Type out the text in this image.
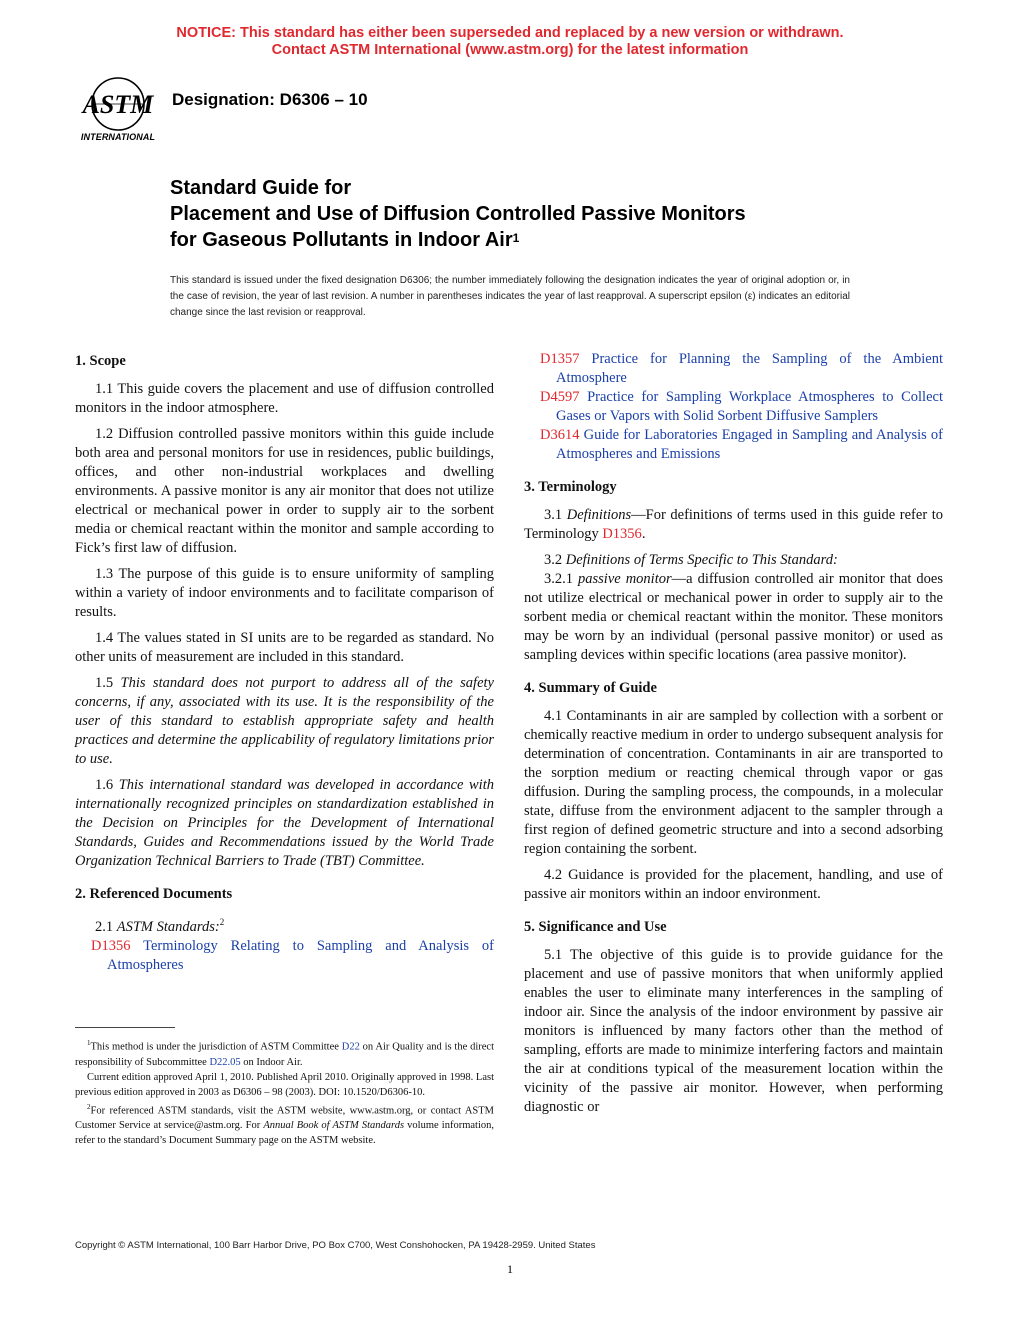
NOTICE: This standard has either been superseded and replaced by a new version or withdrawn.
Contact ASTM International (www.astm.org) for the latest information
ASTM
INTERNATIONAL
Designation: D6306 – 10
Standard Guide for
Placement and Use of Diffusion Controlled Passive Monitors
for Gaseous Pollutants in Indoor Air$^1$
This standard is issued under the fixed designation D6306; the number immediately following the designation indicates the year of original adoption or, in the case of revision, the year of last revision. A number in parentheses indicates the year of last reapproval. A superscript epsilon (ε) indicates an editorial change since the last revision or reapproval.
1. Scope

1.1 This guide covers the placement and use of diffusion controlled monitors in the indoor atmosphere.

1.2 Diffusion controlled passive monitors within this guide include both area and personal monitors for use in residences, public buildings, offices, and other non-industrial workplaces and dwelling environments. A passive monitor is any air monitor that does not utilize electrical or mechanical power in order to supply air to the sorbent media or chemical reactant within the monitor and sample according to Fick’s first law of diffusion.

1.3 The purpose of this guide is to ensure uniformity of sampling within a variety of indoor environments and to facilitate comparison of results.

1.4 The values stated in SI units are to be regarded as standard. No other units of measurement are included in this standard.

1.5 This standard does not purport to address all of the safety concerns, if any, associated with its use. It is the responsibility of the user of this standard to establish appropriate safety and health practices and determine the applicability of regulatory limitations prior to use.

1.6 This international standard was developed in accordance with internationally recognized principles on standardization established in the Decision on Principles for the Development of International Standards, Guides and Recommendations issued by the World Trade Organization Technical Barriers to Trade (TBT) Committee.

2. Referenced Documents

2.1 ASTM Standards:$^2$

D1356 Terminology Relating to Sampling and Analysis of Atmospheres
D1357 Practice for Planning the Sampling of the Ambient Atmosphere
D4597 Practice for Sampling Workplace Atmospheres to Collect Gases or Vapors with Solid Sorbent Diffusive Samplers
D3614 Guide for Laboratories Engaged in Sampling and Analysis of Atmospheres and Emissions
3. Terminology

3.1 Definitions—For definitions of terms used in this guide refer to Terminology D1356.

3.2 Definitions of Terms Specific to This Standard:

3.2.1 passive monitor—a diffusion controlled air monitor that does not utilize electrical or mechanical power in order to supply air to the sorbent media or chemical reactant within the monitor. These monitors may be worn by an individual (personal passive monitor) or used as sampling devices within specific locations (area passive monitor).

4. Summary of Guide

4.1 Contaminants in air are sampled by collection with a sorbent or chemically reactive medium in order to undergo subsequent analysis for determination of concentration. Contaminants in air are transported to the sorption medium or reacting chemical through vapor or gas diffusion. During the sampling process, the compounds, in a molecular state, diffuse from the environment adjacent to the sampler through a first region of defined geometric structure and into a second adsorbing region containing the sorbent.

4.2 Guidance is provided for the placement, handling, and use of passive air monitors within an indoor environment.

5. Significance and Use

5.1 The objective of this guide is to provide guidance for the placement and use of passive monitors that when uniformly applied enables the user to eliminate many interferences in the sampling of indoor air. Since the analysis of the indoor environment by passive air monitors is influenced by many factors other than the method of sampling, efforts are made to minimize interfering factors and maintain the air at conditions typical of the measurement location within the vicinity of the passive air monitor. However, when performing diagnostic or

$^1$This method is under the jurisdiction of ASTM Committee D22 on Air Quality and is the direct responsibility of Subcommittee D22.05 on Indoor Air.

Current edition approved April 1, 2010. Published April 2010. Originally approved in 1998. Last previous edition approved in 2003 as D6306 – 98 (2003). DOI: 10.1520/D6306-10.

$^2$For referenced ASTM standards, visit the ASTM website, www.astm.org, or contact ASTM Customer Service at service@astm.org. For Annual Book of ASTM Standards volume information, refer to the standard’s Document Summary page on the ASTM website.

Copyright © ASTM International, 100 Barr Harbor Drive, PO Box C700, West Conshohocken, PA 19428-2959. United States
1
